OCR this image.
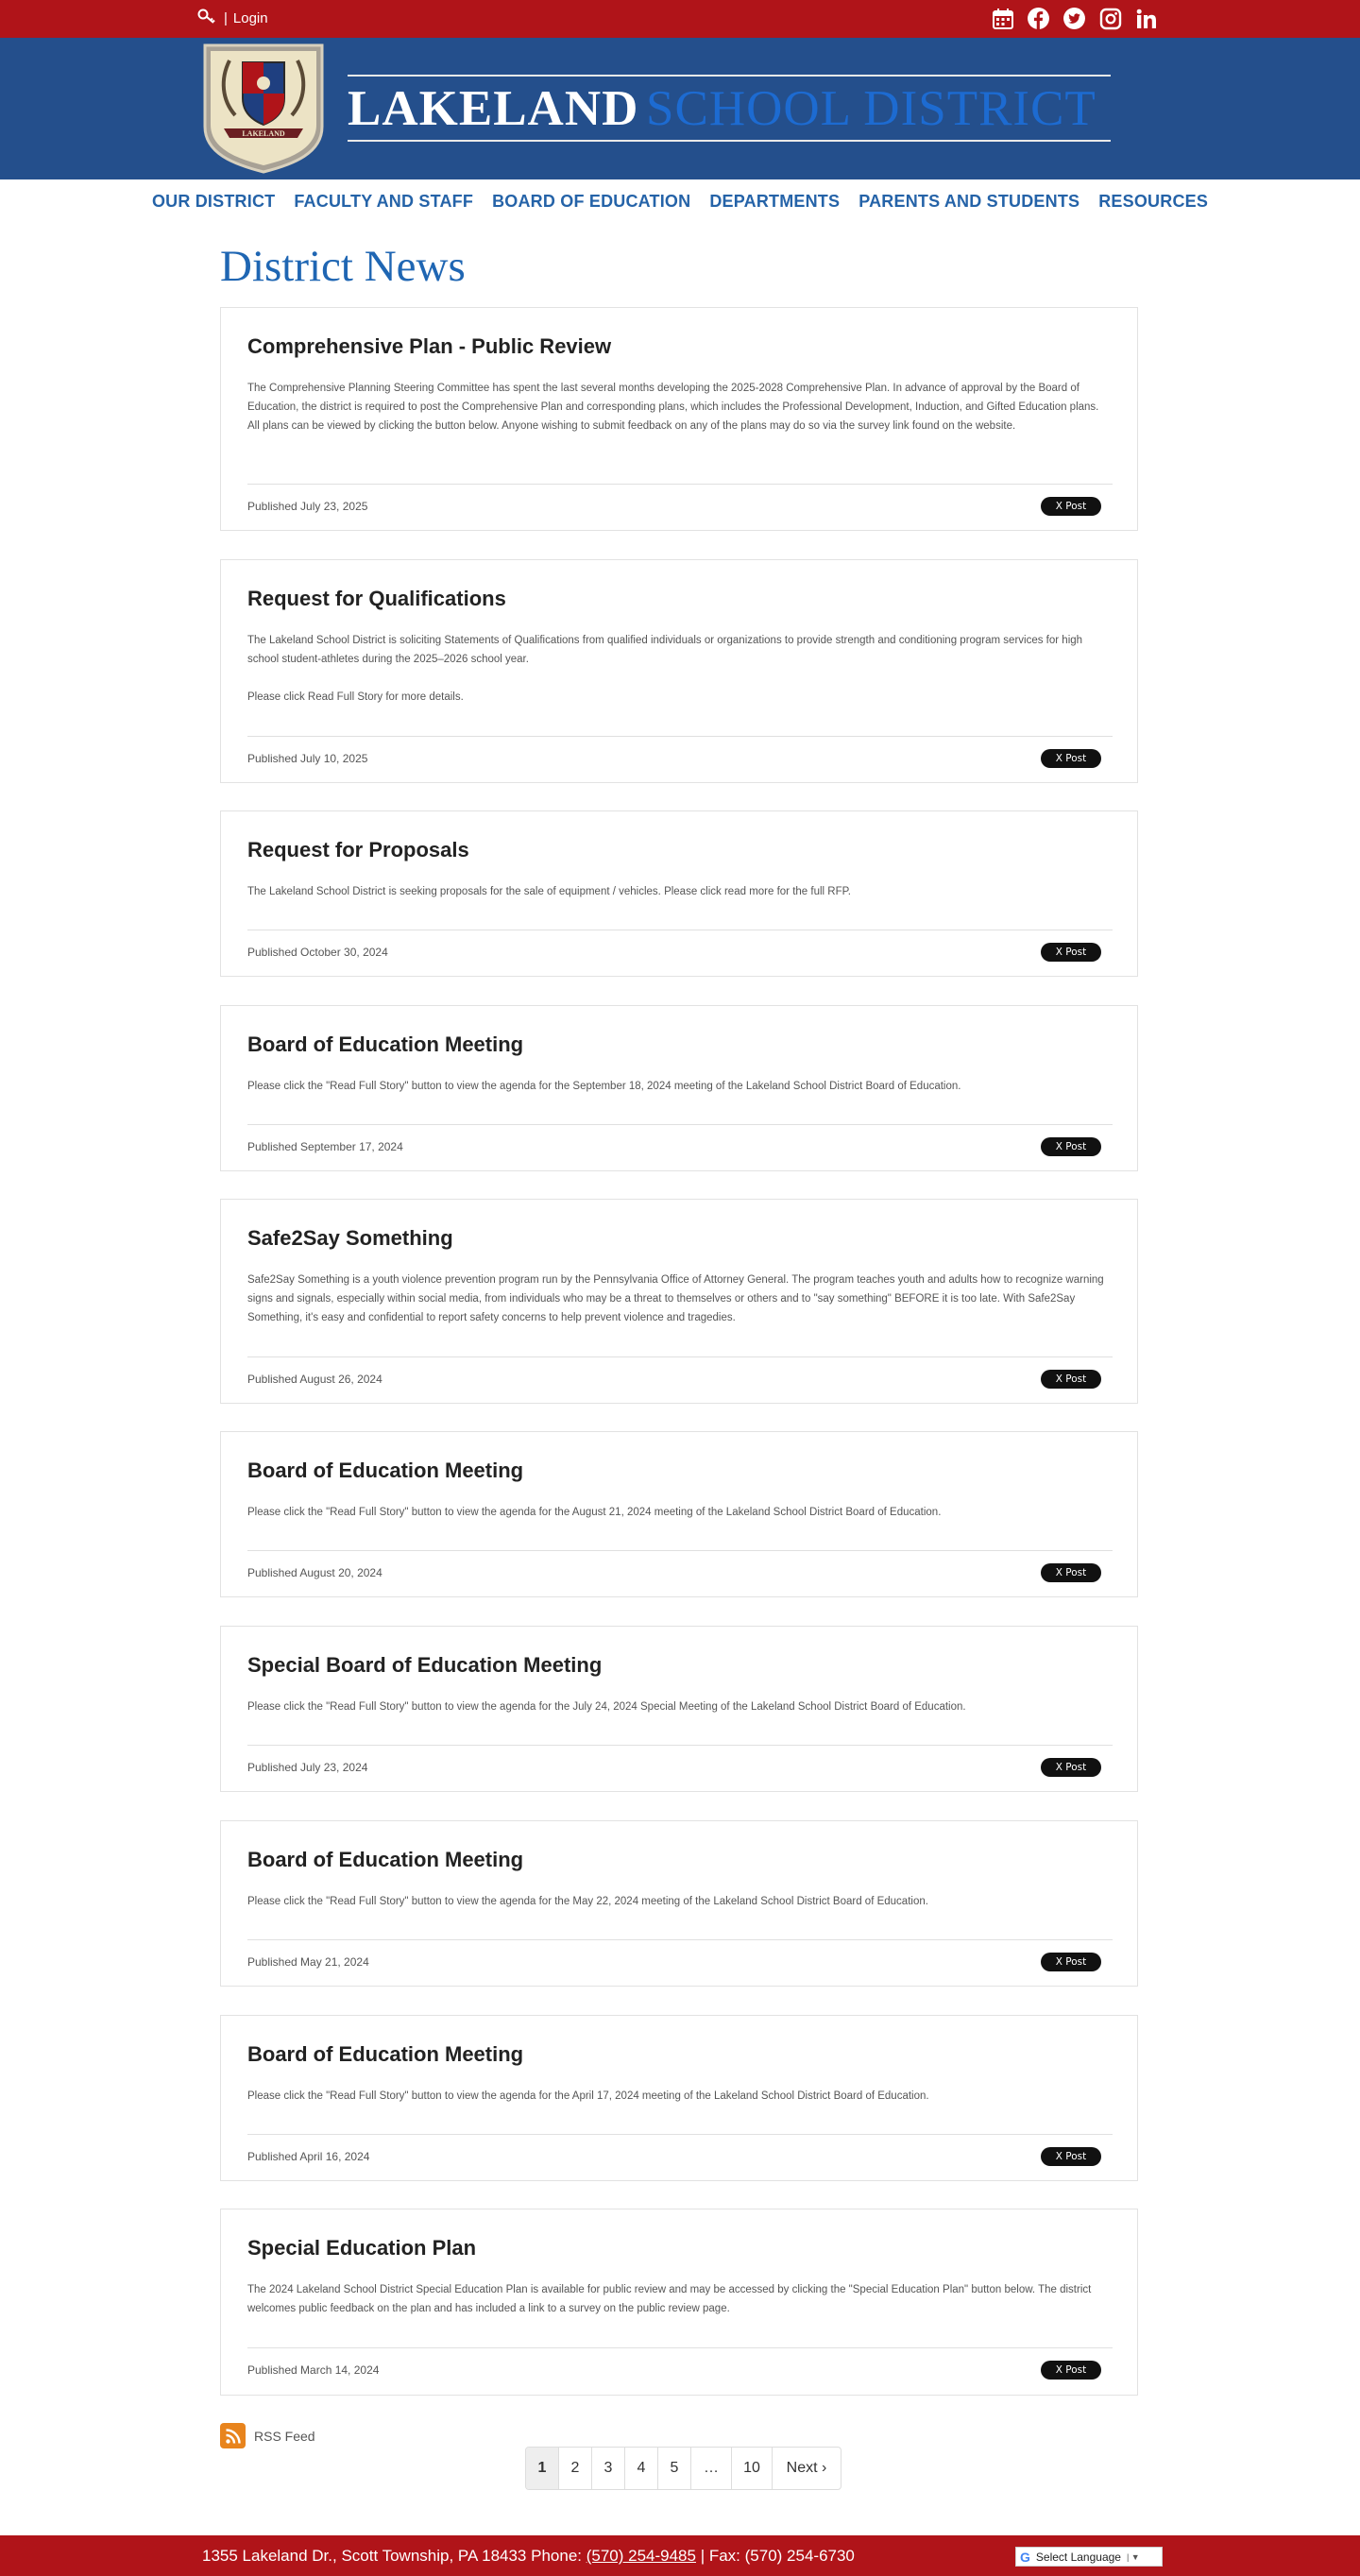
| Login
LAKELAND	LAKELAND SCHOOL DISTRICT
OUR DISTRICT FACULTY AND STAFF BOARD OF EDUCATION DEPARTMENTS PARENTS AND STUDENTS RESOURCES
District News
Comprehensive Plan - Public Review

The Comprehensive Planning Steering Committee has spent the last several months developing the 2025-2028 Comprehensive Plan. In advance of approval by the Board of Education, the district is required to post the Comprehensive Plan and corresponding plans, which includes the Professional Development, Induction, and Gifted Education plans. All plans can be viewed by clicking the button below. Anyone wishing to submit feedback on any of the plans may do so via the survey link found on the website.

Published July 23, 2025	X Post
Request for Qualifications

The Lakeland School District is soliciting Statements of Qualifications from qualified individuals or organizations to provide strength and conditioning program services for high school student-athletes during the 2025–2026 school year.

Please click Read Full Story for more details.

Published July 10, 2025	X Post
Request for Proposals

The Lakeland School District is seeking proposals for the sale of equipment / vehicles. Please click read more for the full RFP.

Published October 30, 2024	X Post
Board of Education Meeting

Please click the "Read Full Story" button to view the agenda for the September 18, 2024 meeting of the Lakeland School District Board of Education.

Published September 17, 2024	X Post
Safe2Say Something

Safe2Say Something is a youth violence prevention program run by the Pennsylvania Office of Attorney General. The program teaches youth and adults how to recognize warning signs and signals, especially within social media, from individuals who may be a threat to themselves or others and to "say something" BEFORE it is too late. With Safe2Say Something, it's easy and confidential to report safety concerns to help prevent violence and tragedies.

Published August 26, 2024	X Post
Board of Education Meeting

Please click the "Read Full Story" button to view the agenda for the August 21, 2024 meeting of the Lakeland School District Board of Education.

Published August 20, 2024	X Post
Special Board of Education Meeting

Please click the "Read Full Story" button to view the agenda for the July 24, 2024 Special Meeting of the Lakeland School District Board of Education.

Published July 23, 2024	X Post
Board of Education Meeting

Please click the "Read Full Story" button to view the agenda for the May 22, 2024 meeting of the Lakeland School District Board of Education.

Published May 21, 2024	X Post
Board of Education Meeting

Please click the "Read Full Story" button to view the agenda for the April 17, 2024 meeting of the Lakeland School District Board of Education.

Published April 16, 2024	X Post
Special Education Plan

The 2024 Lakeland School District Special Education Plan is available for public review and may be accessed by clicking the "Special Education Plan" button below. The district welcomes public feedback on the plan and has included a link to a survey on the public review page.

Published March 14, 2024	X Post
RSS Feed
1	2	3	4	5	…	10	Next ›
1355 Lakeland Dr., Scott Township, PA 18433 Phone: (570) 254-9485 | Fax: (570) 254-6730	G Select Language | ▼
